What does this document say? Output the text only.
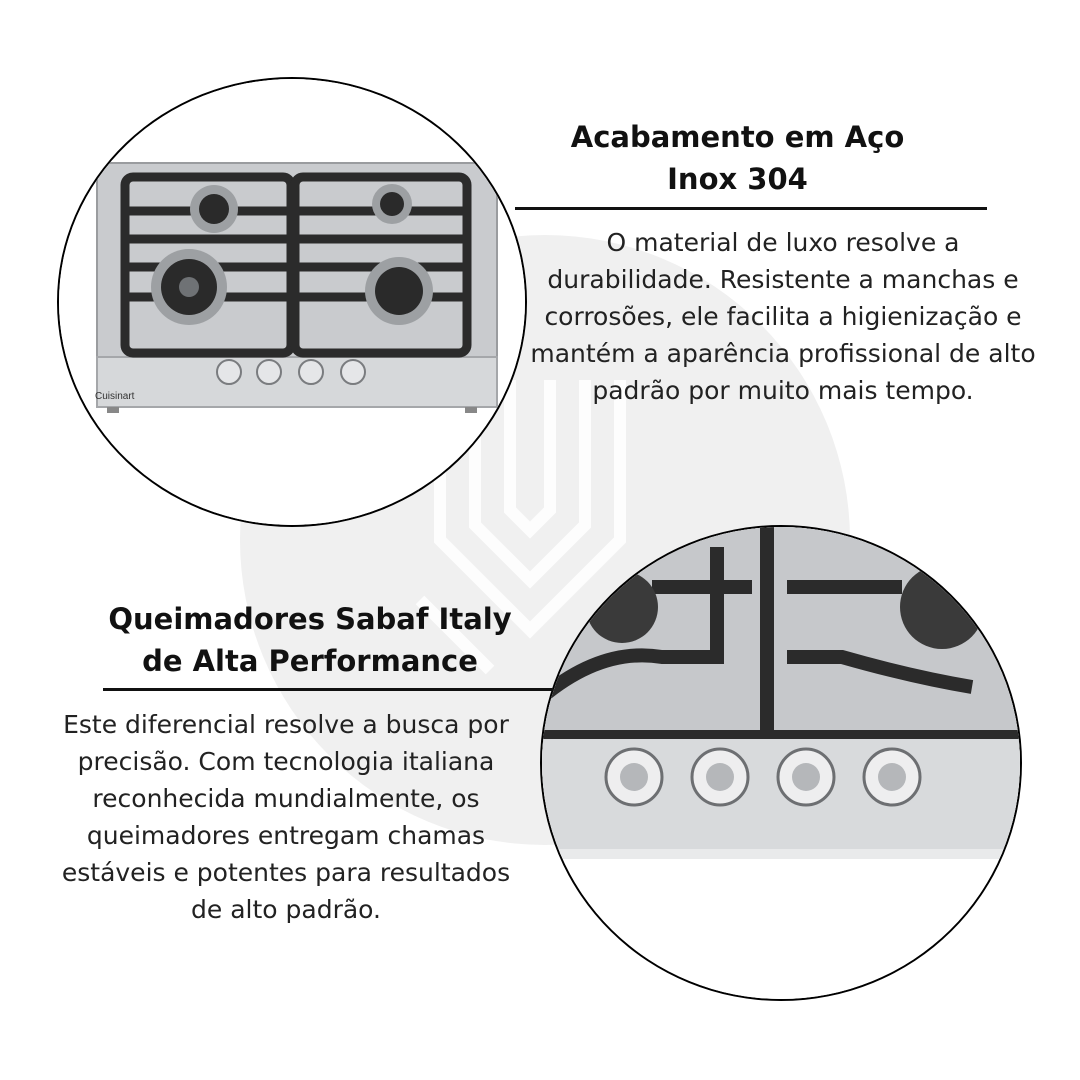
Cuisinart
Acabamento em Aço Inox 304

O material de luxo resolve a durabilidade. Resistente a manchas e corrosões, ele facilita a higienização e mantém a aparência profissional de alto padrão por muito mais tempo.

Queimadores Sabaf Italy de Alta Performance

Este diferencial resolve a busca por precisão. Com tecnologia italiana reconhecida mundialmente, os queimadores entregam chamas estáveis e potentes para resultados de alto padrão.
